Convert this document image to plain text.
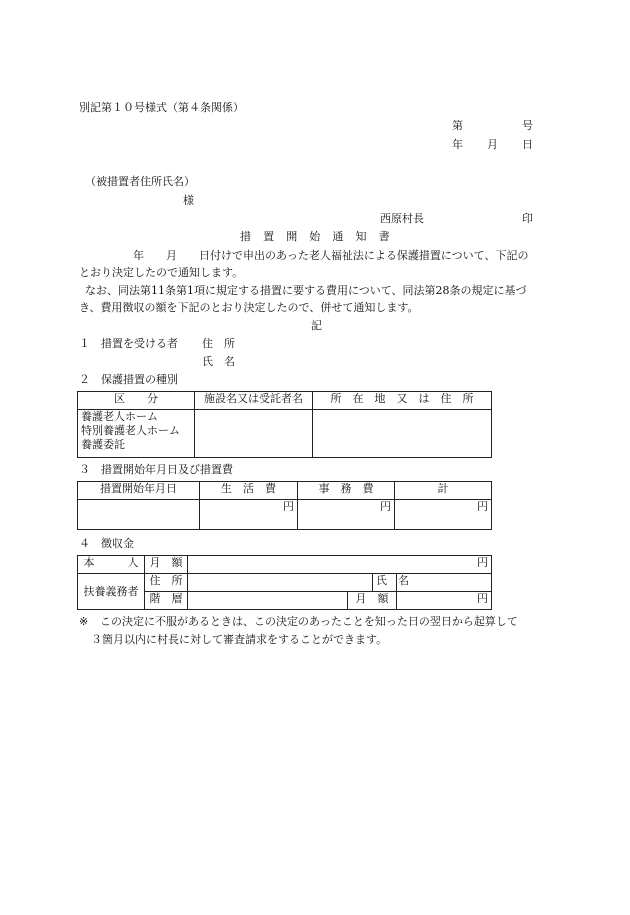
別記第１０号様式（第４条関係）
第	号
年 月 日
（被措置者住所氏名）
様
西原村長	印
措置開始通知書
年　　月　　日付けで申出のあった老人福祉法による保護措置について、下記の
とおり決定したので通知します。
なお、同法第11条第1項に規定する措置に要する費用について、同法第28条の規定に基づ
き、費用徴収の額を下記のとおり決定したので、併せて通知します。
記
１　措置を受ける者 住　所
氏　名
２　保護措置の種別
区　　分	施設名又は受託者名	所　在　地　又　は　住　所

養護老人ホーム
特別養護老人ホーム
養護委託		

３　措置開始年月日及び措置費
措置開始年月日	生　活　費	事　務　費	計
	円	円	円
４　徴収金
本　　　人	月　額	円			
扶養義務者	住　所			氏　名	
	階　層		月　額		円
※ この決定に不服があるときは、この決定のあったことを知った日の翌日から起算して
３箇月以内に村長に対して審査請求をすることができます。
